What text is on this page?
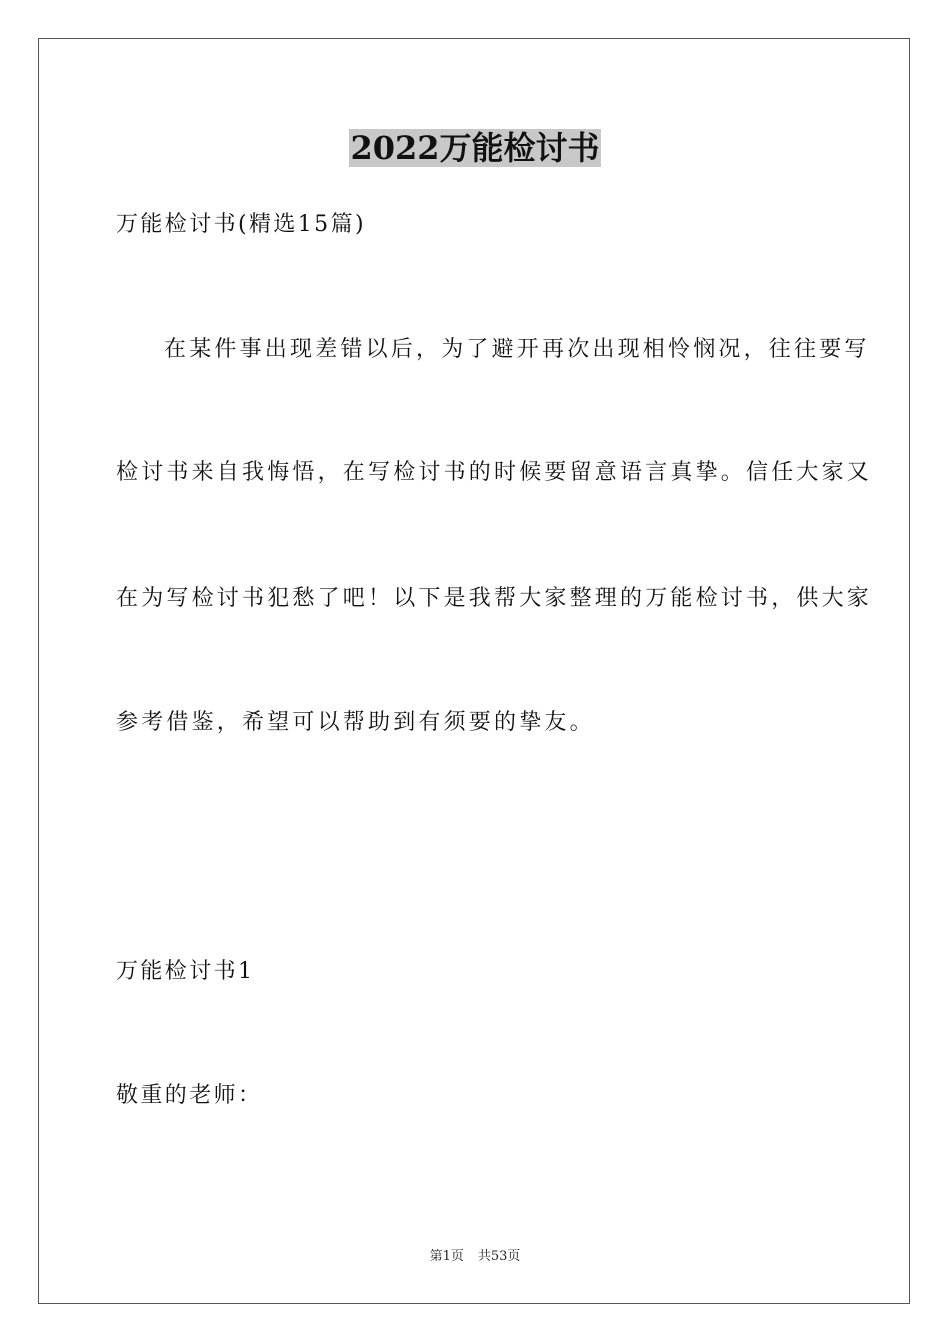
2022万能检讨书
万能检讨书(精选15篇)
在某件事出现差错以后，为了避开再次出现相怜悯况，往往要写
检讨书来自我悔悟，在写检讨书的时候要留意语言真挚。信任大家又
在为写检讨书犯愁了吧！以下是我帮大家整理的万能检讨书，供大家
参考借鉴，希望可以帮助到有须要的挚友。
万能检讨书1
敬重的老师：
第1页 共53页
